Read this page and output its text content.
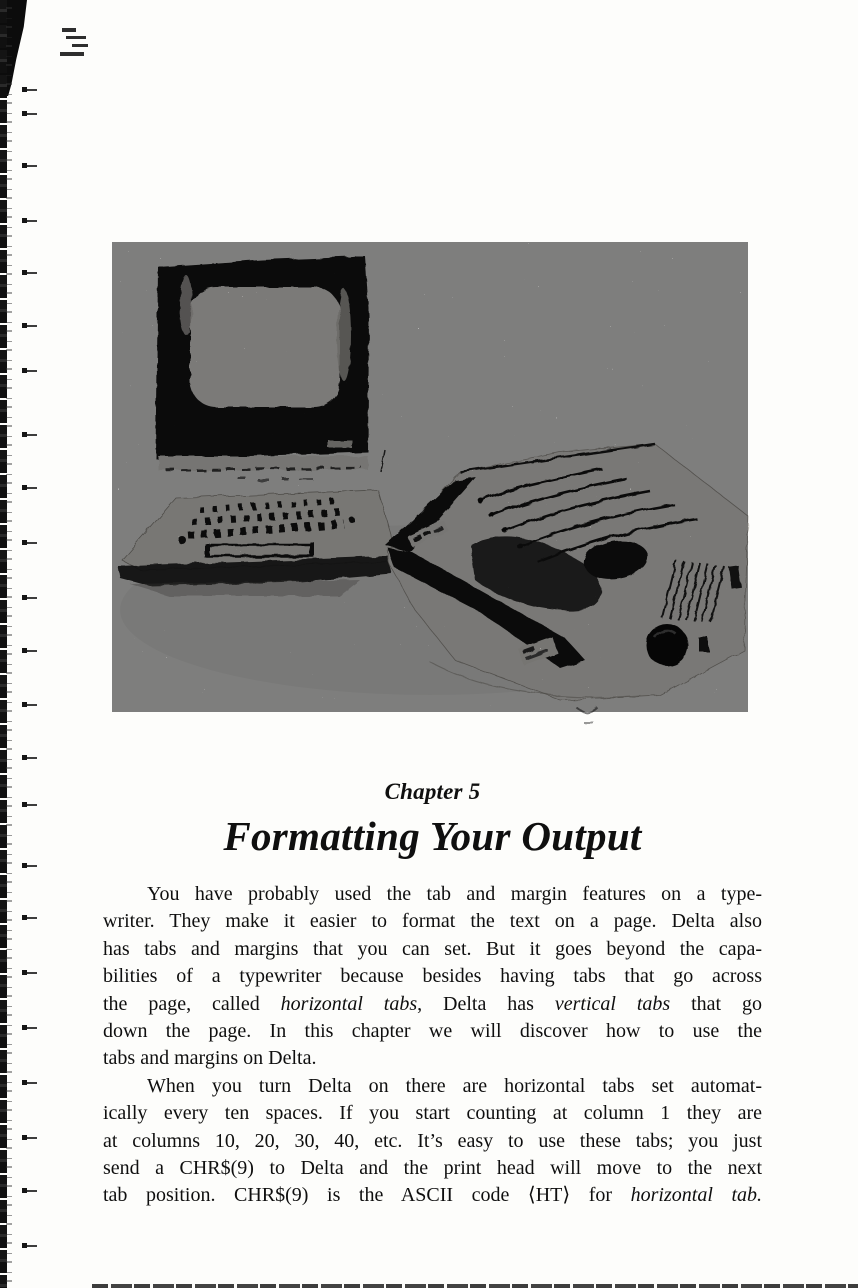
Chapter 5
Formatting Your Output

You have probably used the tab and margin features on a type-
writer. They make it easier to format the text on a page. Delta also
has tabs and margins that you can set. But it goes beyond the capa-
bilities of a typewriter because besides having tabs that go across
the page, called horizontal tabs, Delta has vertical tabs that go
down the page. In this chapter we will discover how to use the
tabs and margins on Delta.

When you turn Delta on there are horizontal tabs set automat-
ically every ten spaces. If you start counting at column 1 they are
at columns 10, 20, 30, 40, etc. It’s easy to use these tabs; you just
send a CHR$(9) to Delta and the print head will move to the next
tab position. CHR$(9) is the ASCII code ⟨HT⟩ for horizontal tab.
